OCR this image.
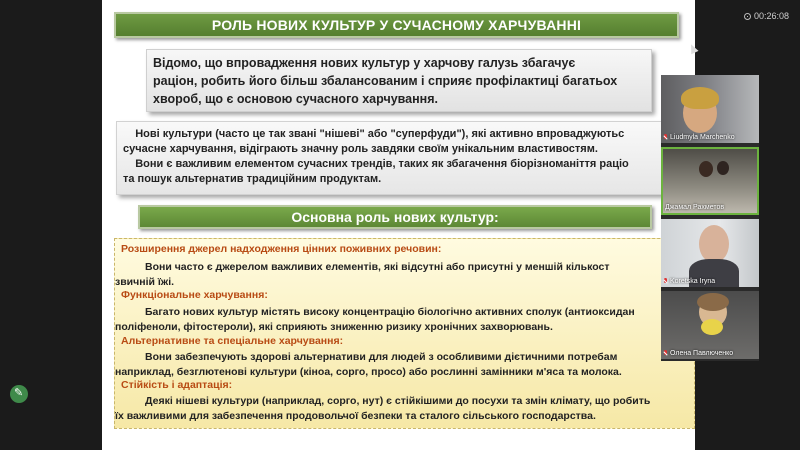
00:26:08
РОЛЬ НОВИХ КУЛЬТУР У СУЧАСНОМУ ХАРЧУВАННІ

Відомо, що впровадження нових культур у харчову галузь збагачує
раціон, робить його більш збалансованим і сприяє профілактиці багатьох
хвороб, що є основою сучасного харчування.

Нові культури (часто це так звані "нішеві" або "суперфуди"), які активно впроваджуютьс
сучасне харчування, відіграють значну роль завдяки своїм унікальним властивостям.

Вони є важливим елементом сучасних трендів, таких як збагачення біорізноманіття раціо
та пошук альтернатив традиційним продуктам.

Основна роль нових культур:
Розширення джерел надходження цінних поживних речовин:
Вони часто є джерелом важливих елементів, які відсутні або присутні у меншій кількост
звичній їжі.
Функціональне харчування:
Багато нових культур містять високу концентрацію біологічно активних сполук (антиоксидан
поліфеноли, фітостероли), які сприяють зниженню ризику хронічних захворювань.
Альтернативне та спеціальне харчування:
Вони забезпечують здорові альтернативи для людей з особливими дієтичними потребам
наприклад, безглютенові культури (кіноа, сорго, просо) або рослинні замінники м'яса та молока.
Стійкість і адаптація:
Деякі нішеві культури (наприклад, сорго, нут) є стійкішими до посухи та змін клімату, що робить
їх важливими для забезпечення продовольчої безпеки та сталого сільського господарства.
Liudmyla Marchenko
Джамал Рахметов
Koretska Iryna
Олена Павлюченко
✎
